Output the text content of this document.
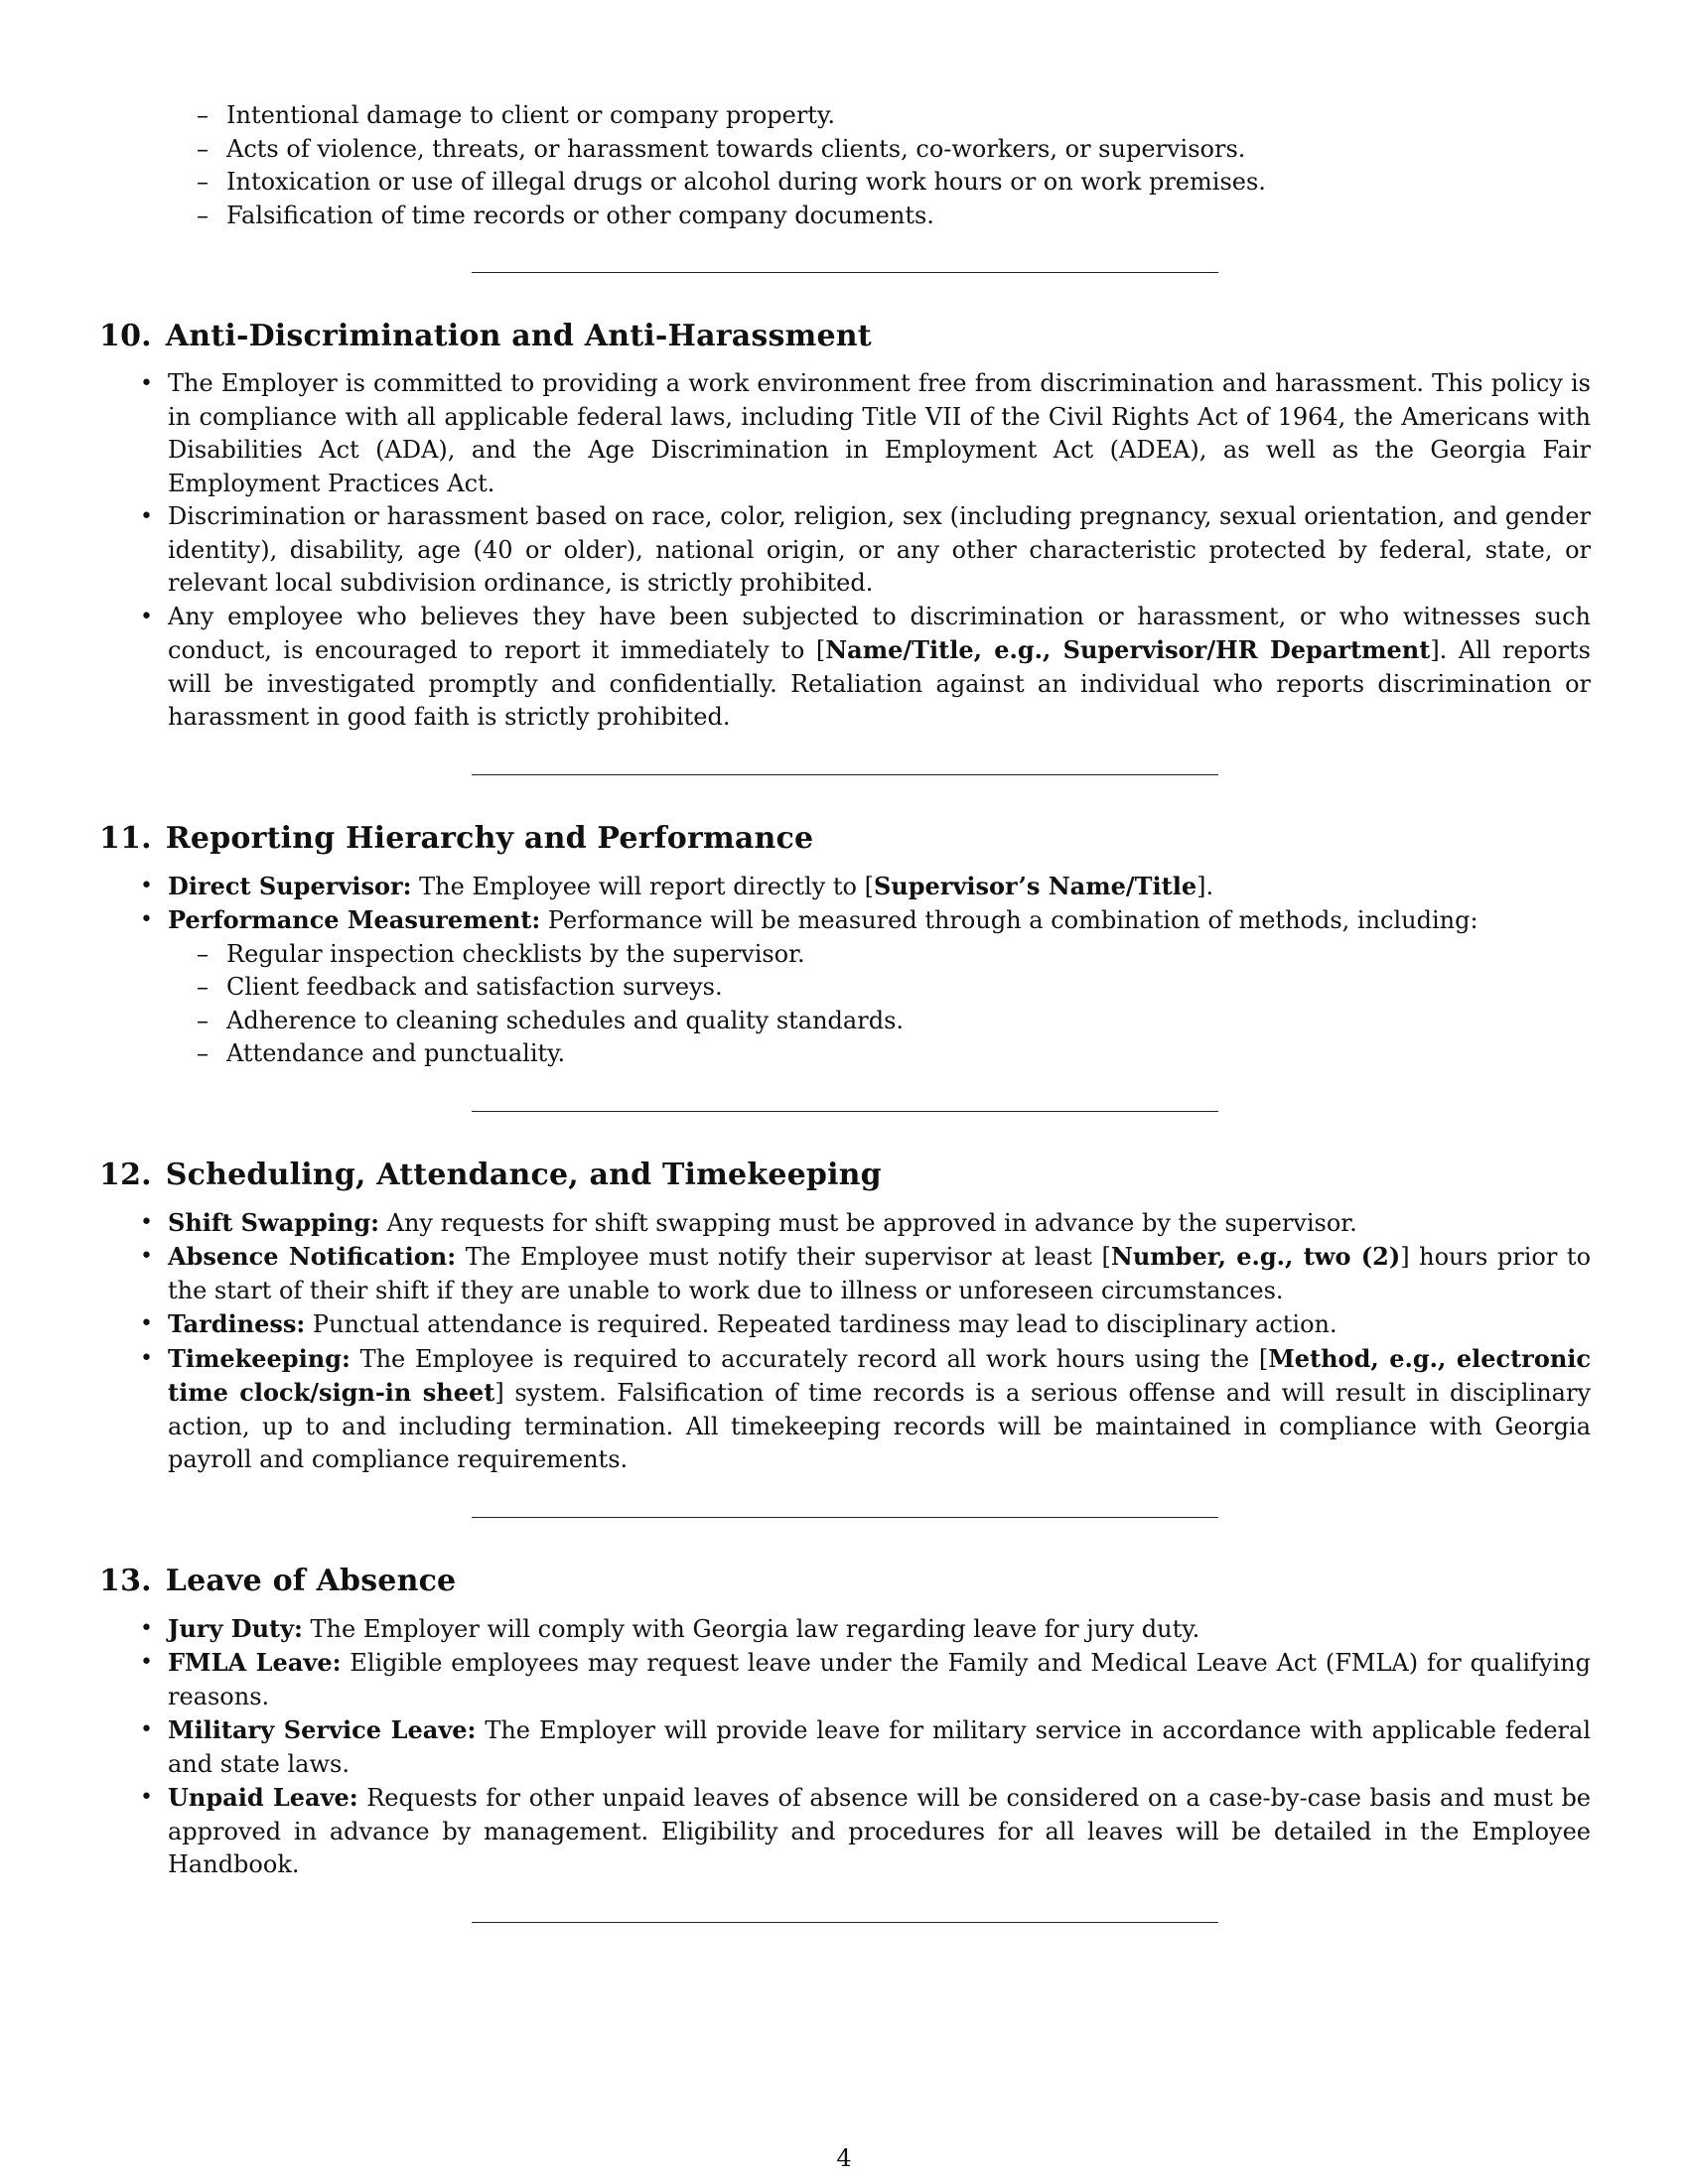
– Intentional damage to client or company property.
– Acts of violence, threats, or harassment towards clients, co-workers, or supervisors.
– Intoxication or use of illegal drugs or alcohol during work hours or on work premises.
– Falsification of time records or other company documents.
10. Anti-Discrimination and Anti-Harassment
• The Employer is committed to providing a work environment free from discrimination and harassment. This policy is in compliance with all applicable federal laws, including Title VII of the Civil Rights Act of 1964, the Americans with Disabilities Act (ADA), and the Age Discrimination in Employment Act (ADEA), as well as the Georgia Fair Employment Practices Act.
• Discrimination or harassment based on race, color, religion, sex (including pregnancy, sexual orientation, and gender identity), disability, age (40 or older), national origin, or any other characteristic protected by federal, state, or relevant local subdivision ordinance, is strictly prohibited.
• Any employee who believes they have been subjected to discrimination or harassment, or who witnesses such conduct, is encouraged to report it immediately to [Name/Title, e.g., Supervisor/HR Department]. All reports will be investigated promptly and confidentially. Retaliation against an individual who reports discrimination or harassment in good faith is strictly prohibited.
11. Reporting Hierarchy and Performance
• Direct Supervisor: The Employee will report directly to [Supervisor’s Name/Title].
• Performance Measurement: Performance will be measured through a combination of methods, including:
– Regular inspection checklists by the supervisor.
– Client feedback and satisfaction surveys.
– Adherence to cleaning schedules and quality standards.
– Attendance and punctuality.
12. Scheduling, Attendance, and Timekeeping
• Shift Swapping: Any requests for shift swapping must be approved in advance by the supervisor.
• Absence Notification: The Employee must notify their supervisor at least [Number, e.g., two (2)] hours prior to the start of their shift if they are unable to work due to illness or unforeseen circumstances.
• Tardiness: Punctual attendance is required. Repeated tardiness may lead to disciplinary action.
• Timekeeping: The Employee is required to accurately record all work hours using the [Method, e.g., electronic time clock/sign-in sheet] system. Falsification of time records is a serious offense and will result in disciplinary action, up to and including termination. All timekeeping records will be maintained in compliance with Georgia payroll and compliance requirements.
13. Leave of Absence
• Jury Duty: The Employer will comply with Georgia law regarding leave for jury duty.
• FMLA Leave: Eligible employees may request leave under the Family and Medical Leave Act (FMLA) for qualifying reasons.
• Military Service Leave: The Employer will provide leave for military service in accordance with applicable federal and state laws.
• Unpaid Leave: Requests for other unpaid leaves of absence will be considered on a case-by-case basis and must be approved in advance by management. Eligibility and procedures for all leaves will be detailed in the Employee Handbook.
4
